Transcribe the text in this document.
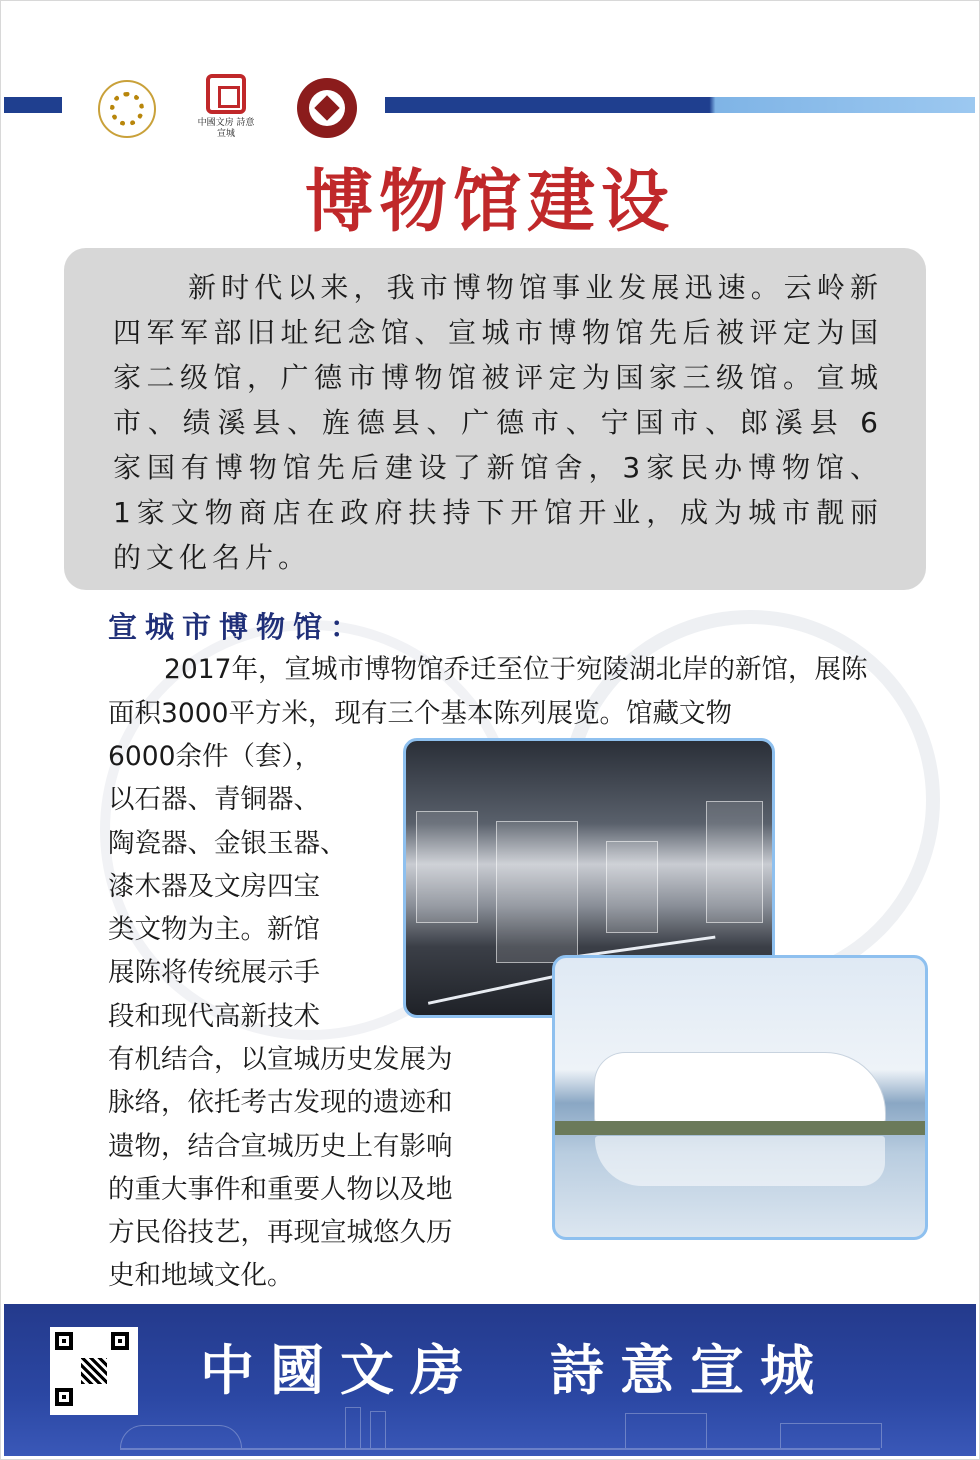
中國文房 詩意宣城
博物馆建设
新时代以来，我市博物馆事业发展迅速。云岭新四军军部旧址纪念馆、宣城市博物馆先后被评定为国家二级馆，广德市博物馆被评定为国家三级馆。宣城市、绩溪县、旌德县、广德市、宁国市、郎溪县 6 家国有博物馆先后建设了新馆舍，3家民办博物馆、1家文物商店在政府扶持下开馆开业，成为城市靓丽的文化名片。
宣城市博物馆：
2017年，宣城市博物馆乔迁至位于宛陵湖北岸的新馆，展陈面积3000平方米，现有三个基本陈列展览。馆藏文物
6000余件（套），
以石器、青铜器、
陶瓷器、金银玉器、
漆木器及文房四宝
类文物为主。新馆
展陈将传统展示手
段和现代高新技术
有机结合，以宣城历史发展为
脉络，依托考古发现的遗迹和
遗物，结合宣城历史上有影响
的重大事件和重要人物以及地
方民俗技艺，再现宣城悠久历
史和地域文化。
中國文房　詩意宣城
